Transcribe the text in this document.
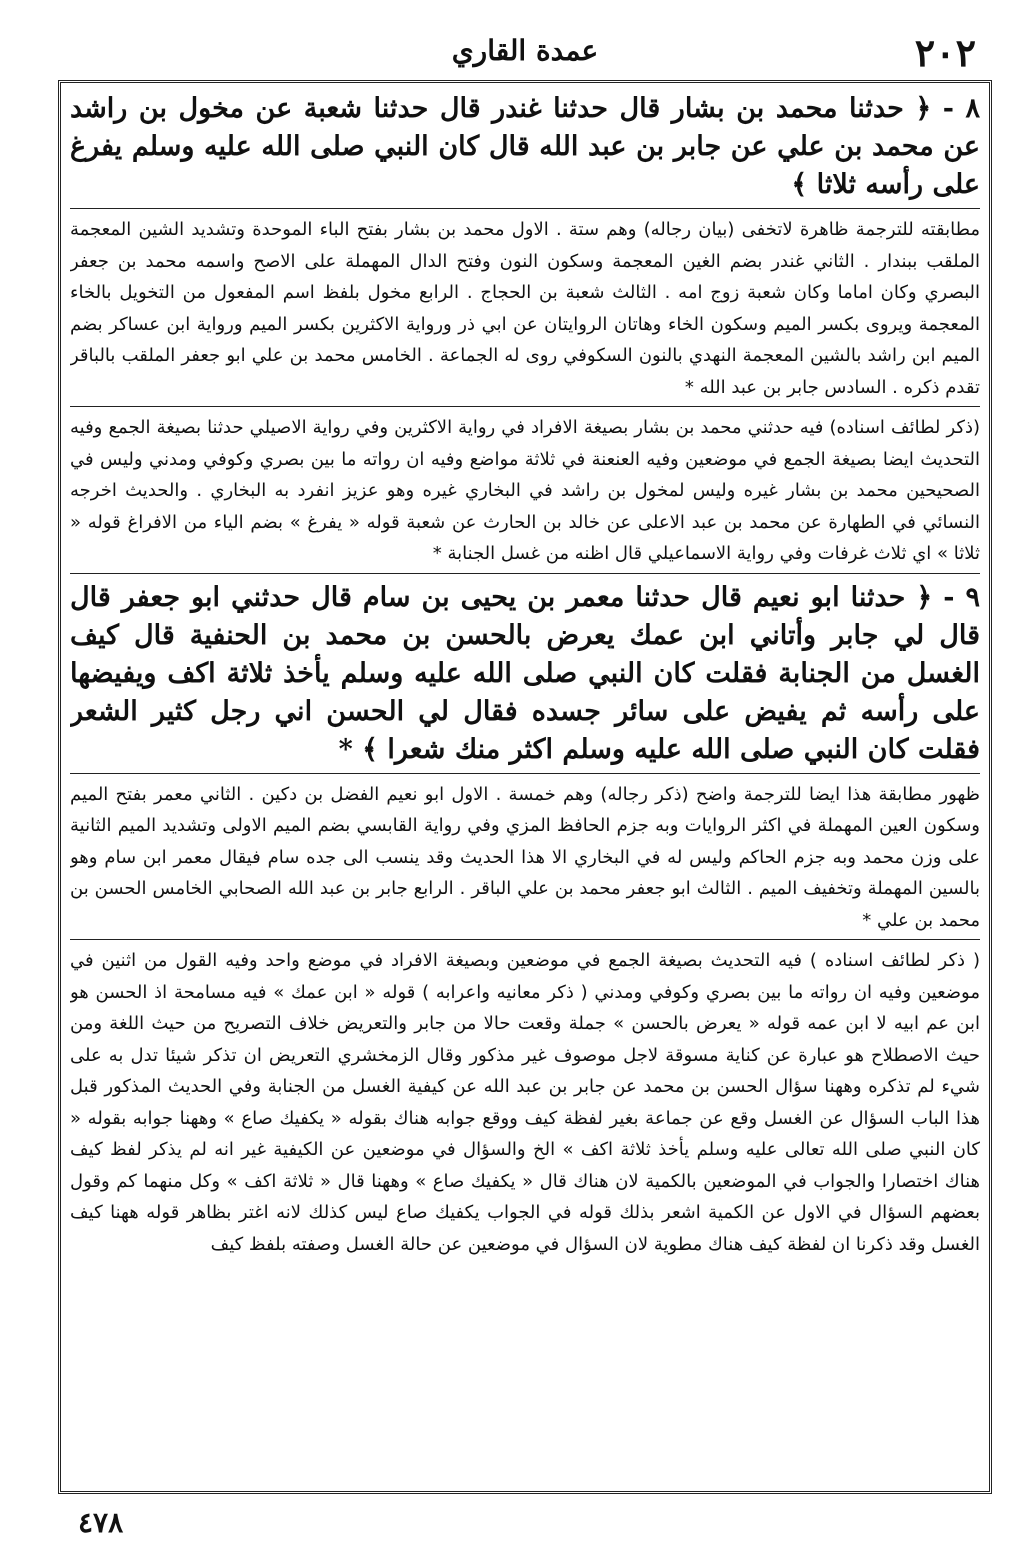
٢٠٢
عمدة القاري
٨ - ﴿ حدثنا محمد بن بشار قال حدثنا غندر قال حدثنا شعبة عن مخول بن راشد عن محمد بن علي عن جابر بن عبد الله قال كان النبي صلى الله عليه وسلم يفرغ على رأسه ثلاثا ﴾
مطابقته للترجمة ظاهرة لاتخفى (بيان رجاله) وهم ستة . الاول محمد بن بشار بفتح الباء الموحدة وتشديد الشين المعجمة الملقب ببندار . الثاني غندر بضم الغين المعجمة وسكون النون وفتح الدال المهملة على الاصح واسمه محمد بن جعفر البصري وكان اماما وكان شعبة زوج امه . الثالث شعبة بن الحجاج . الرابع مخول بلفظ اسم المفعول من التخويل بالخاء المعجمة ويروى بكسر الميم وسكون الخاء وهاتان الروايتان عن ابي ذر ورواية الاكثرين بكسر الميم ورواية ابن عساكر بضم الميم ابن راشد بالشين المعجمة النهدي بالنون السكوفي روى له الجماعة . الخامس محمد بن علي ابو جعفر الملقب بالباقر تقدم ذكره . السادس جابر بن عبد الله *
(ذكر لطائف اسناده) فيه حدثني محمد بن بشار بصيغة الافراد في رواية الاكثرين وفي رواية الاصيلي حدثنا بصيغة الجمع وفيه التحديث ايضا بصيغة الجمع في موضعين وفيه العنعنة في ثلاثة مواضع وفيه ان رواته ما بين بصري وكوفي ومدني وليس في الصحيحين محمد بن بشار غيره وليس لمخول بن راشد في البخاري غيره وهو عزيز انفرد به البخاري . والحديث اخرجه النسائي في الطهارة عن محمد بن عبد الاعلى عن خالد بن الحارث عن شعبة قوله « يفرغ » بضم الياء من الافراغ قوله « ثلاثا » اي ثلاث غرفات وفي رواية الاسماعيلي قال اظنه من غسل الجنابة *
٩ - ﴿ حدثنا ابو نعيم قال حدثنا معمر بن يحيى بن سام قال حدثني ابو جعفر قال قال لي جابر وأتاني ابن عمك يعرض بالحسن بن محمد بن الحنفية قال كيف الغسل من الجنابة فقلت كان النبي صلى الله عليه وسلم يأخذ ثلاثة اكف ويفيضها على رأسه ثم يفيض على سائر جسده فقال لي الحسن اني رجل كثير الشعر فقلت كان النبي صلى الله عليه وسلم اكثر منك شعرا ﴾ *
ظهور مطابقة هذا ايضا للترجمة واضح (ذكر رجاله) وهم خمسة . الاول ابو نعيم الفضل بن دكين . الثاني معمر بفتح الميم وسكون العين المهملة في اكثر الروايات وبه جزم الحافظ المزي وفي رواية القابسي بضم الميم الاولى وتشديد الميم الثانية على وزن محمد وبه جزم الحاكم وليس له في البخاري الا هذا الحديث وقد ينسب الى جده سام فيقال معمر ابن سام وهو بالسين المهملة وتخفيف الميم . الثالث ابو جعفر محمد بن علي الباقر . الرابع جابر بن عبد الله الصحابي الخامس الحسن بن محمد بن علي *
( ذكر لطائف اسناده ) فيه التحديث بصيغة الجمع في موضعين وبصيغة الافراد في موضع واحد وفيه القول من اثنين في موضعين وفيه ان رواته ما بين بصري وكوفي ومدني ( ذكر معانيه واعرابه ) قوله « ابن عمك » فيه مسامحة اذ الحسن هو ابن عم ابيه لا ابن عمه قوله « يعرض بالحسن » جملة وقعت حالا من جابر والتعريض خلاف التصريح من حيث اللغة ومن حيث الاصطلاح هو عبارة عن كناية مسوقة لاجل موصوف غير مذكور وقال الزمخشري التعريض ان تذكر شيئا تدل به على شيء لم تذكره وههنا سؤال الحسن بن محمد عن جابر بن عبد الله عن كيفية الغسل من الجنابة وفي الحديث المذكور قبل هذا الباب السؤال عن الغسل وقع عن جماعة بغير لفظة كيف ووقع جوابه هناك بقوله « يكفيك صاع » وههنا جوابه بقوله « كان النبي صلى الله تعالى عليه وسلم يأخذ ثلاثة اكف » الخ والسؤال في موضعين عن الكيفية غير انه لم يذكر لفظ كيف هناك اختصارا والجواب في الموضعين بالكمية لان هناك قال « يكفيك صاع » وههنا قال « ثلاثة اكف » وكل منهما كم وقول بعضهم السؤال في الاول عن الكمية اشعر بذلك قوله في الجواب يكفيك صاع ليس كذلك لانه اغتر بظاهر قوله ههنا كيف الغسل وقد ذكرنا ان لفظة كيف هناك مطوية لان السؤال في موضعين عن حالة الغسل وصفته بلفظ كيف
٤٧٨
